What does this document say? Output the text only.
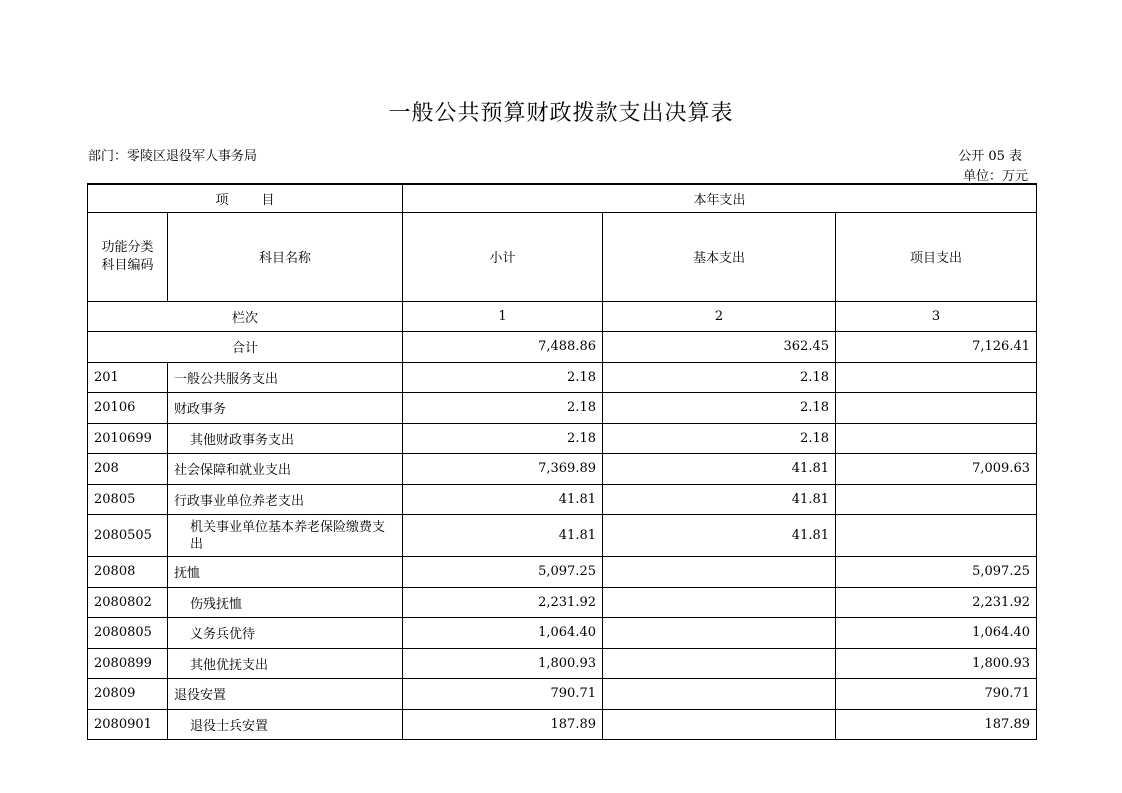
一般公共预算财政拨款支出决算表
部门：零陵区退役军人事务局	公开 05 表
单位：万元
项        目		本年支出		

功能分类
科目编码	科目名称	小计	基本支出	项目支出
栏次		1	2	3
合计		7,488.86	362.45	7,126.41
201	一般公共服务支出	2.18	2.18	
20106	财政事务	2.18	2.18	
2010699	其他财政事务支出	2.18	2.18	
208	社会保障和就业支出	7,369.89	41.81	7,009.63
20805	行政事业单位养老支出	41.81	41.81	
2080505	机关事业单位基本养老保险缴费支出	41.81	41.81	
20808	抚恤	5,097.25		5,097.25
2080802	伤残抚恤	2,231.92		2,231.92
2080805	义务兵优待	1,064.40		1,064.40
2080899	其他优抚支出	1,800.93		1,800.93
20809	退役安置	790.71		790.71
2080901	退役士兵安置	187.89		187.89
